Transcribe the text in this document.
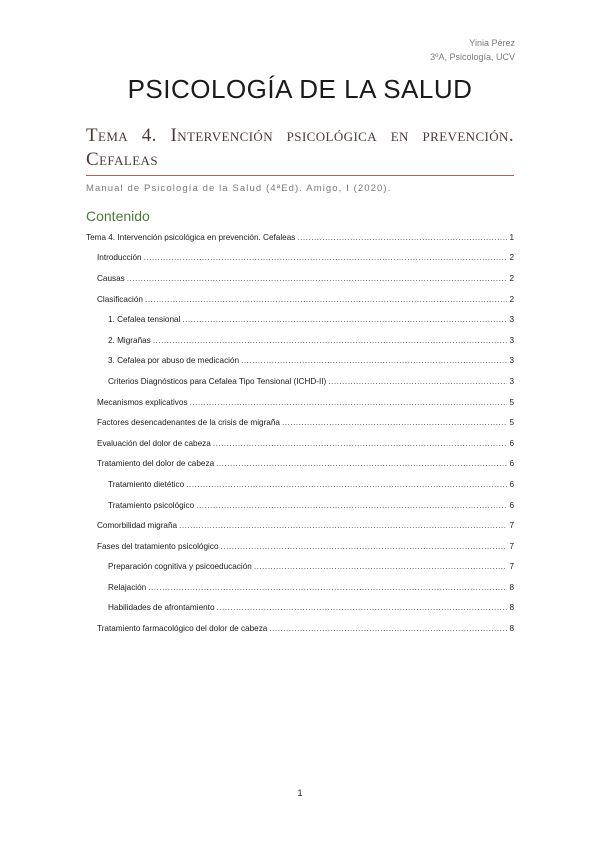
Yinia Pérez
3ºA, Psicología, UCV
PSICOLOGÍA DE LA SALUD
Tema 4. Intervención psicológica en prevención. Cefaleas
Manual de Psicología de la Salud (4ªEd). Amigo, I (2020).
Contenido
Tema 4. Intervención psicológica en prevención. Cefaleas .....	1
Introducción .....	2
Causas .....	2
Clasificación .....	2
1. Cefalea tensional .....	3
2. Migrañas .....	3
3. Cefalea por abuso de medicación .....	3
Criterios Diagnósticos para Cefalea Tipo Tensional (ICHD-II) .....	3
Mecanismos explicativos .....	5
Factores desencadenantes de la crisis de migraña .....	5
Evaluación del dolor de cabeza .....	6
Tratamiento del dolor de cabeza .....	6
Tratamiento dietético .....	6
Tratamiento psicológico .....	6
Comorbilidad migraña .....	7
Fases del tratamiento psicológico .....	7
Preparación cognitiva y psicoeducación .....	7
Relajación .....	8
Habilidades de afrontamiento .....	8
Tratamiento farmacológico del dolor de cabeza .....	8
1
